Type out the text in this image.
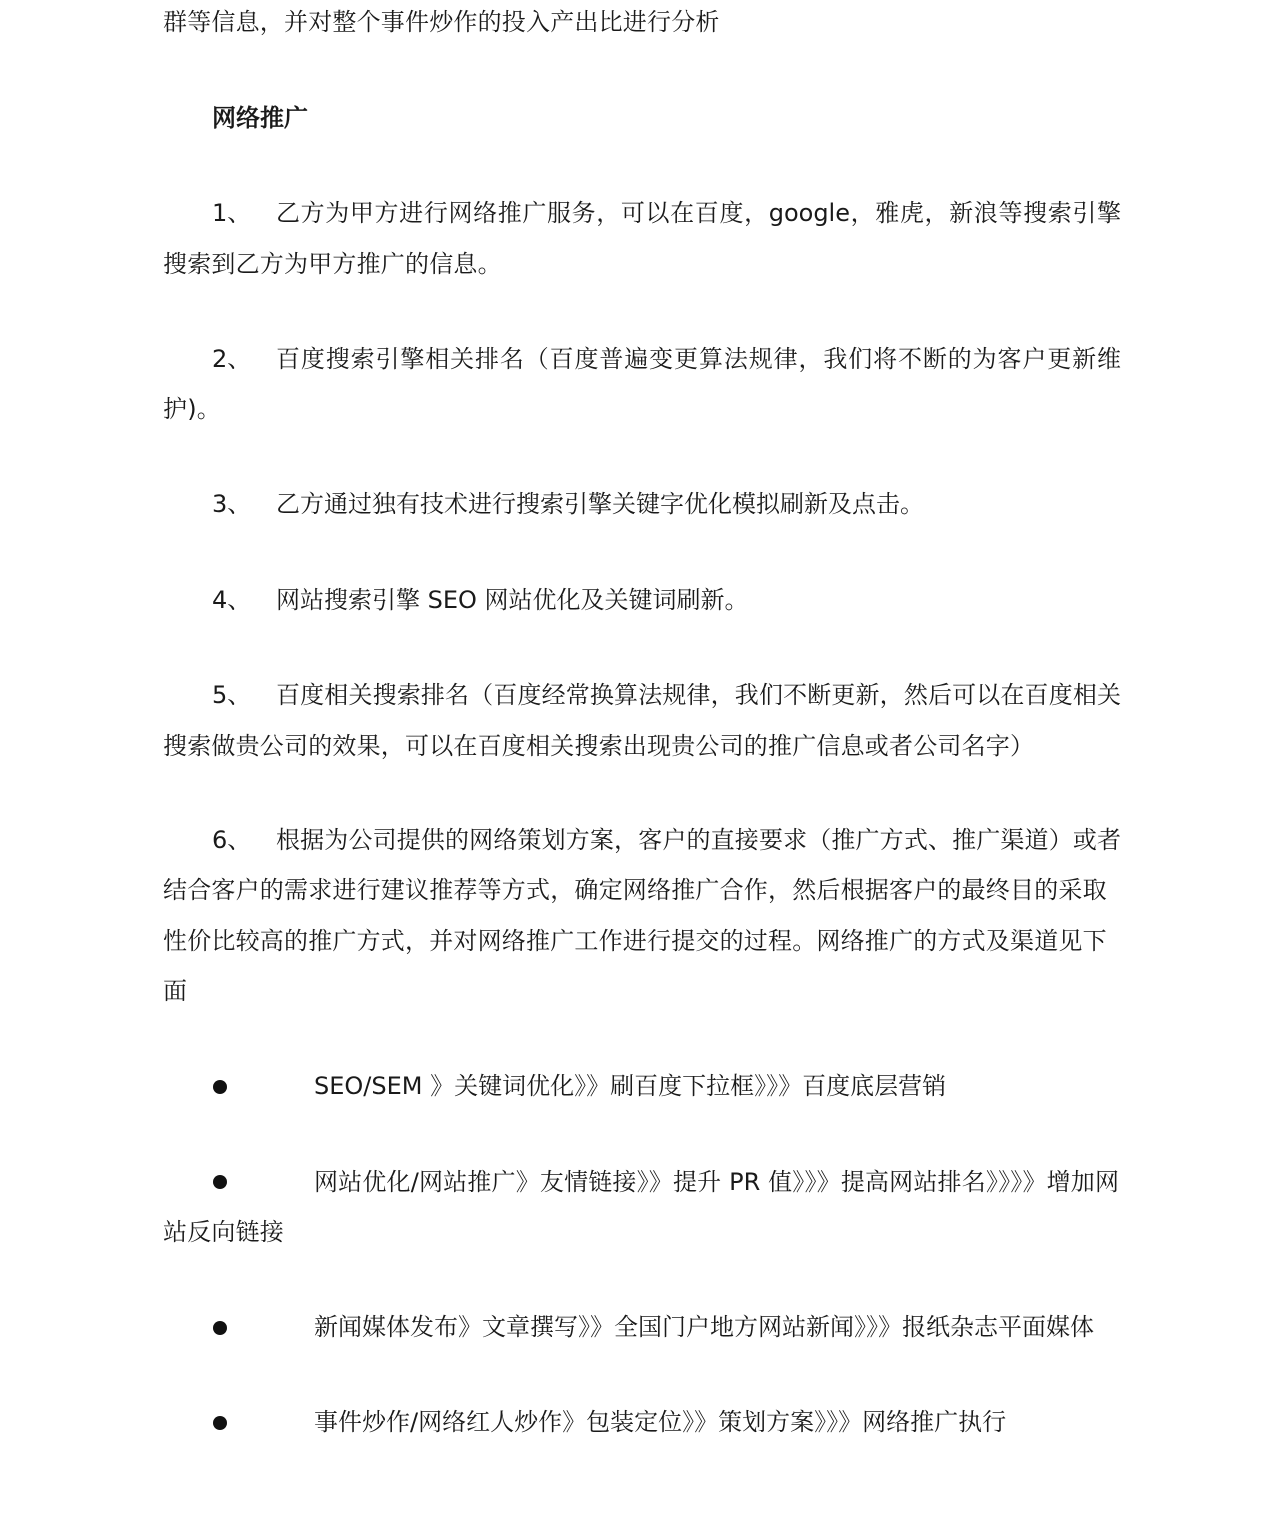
群等信息，并对整个事件炒作的投入产出比进行分析
网络推广
1、 乙方为甲方进行网络推广服务，可以在百度，google，雅虎，新浪等搜索引擎
搜索到乙方为甲方推广的信息。
2、 百度搜索引擎相关排名（百度普遍变更算法规律，我们将不断的为客户更新维
护)。
3、 乙方通过独有技术进行搜索引擎关键字优化模拟刷新及点击。
4、 网站搜索引擎 SEO 网站优化及关键词刷新。
5、 百度相关搜索排名（百度经常换算法规律，我们不断更新，然后可以在百度相关
搜索做贵公司的效果，可以在百度相关搜索出现贵公司的推广信息或者公司名字）
6、 根据为公司提供的网络策划方案，客户的直接要求（推广方式、推广渠道）或者
结合客户的需求进行建议推荐等方式，确定网络推广合作，然后根据客户的最终目的采取
性价比较高的推广方式，并对网络推广工作进行提交的过程。网络推广的方式及渠道见下
面
SEO/SEM 》关键词优化》》刷百度下拉框》》》百度底层营销
网站优化/网站推广》友情链接》》提升 PR 值》》》提高网站排名》》》》增加网
站反向链接
新闻媒体发布》文章撰写》》全国门户地方网站新闻》》》报纸杂志平面媒体
事件炒作/网络红人炒作》包装定位》》策划方案》》》网络推广执行
